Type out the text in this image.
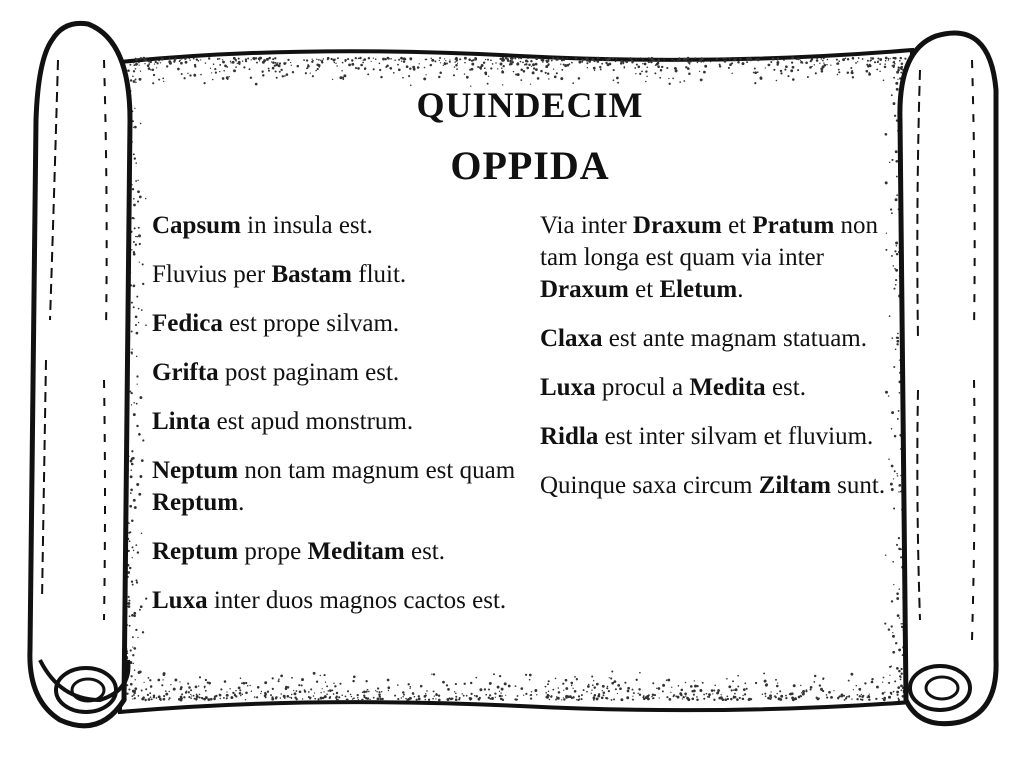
QUINDECIM
OPPIDA

Capsum in insula est.

Fluvius per Bastam fluit.

Fedica est prope silvam.

Grifta post paginam est.

Linta est apud monstrum.

Neptum non tam magnum est quam Reptum.

Reptum prope Meditam est.

Luxa inter duos magnos cactos est.

Via inter Draxum et Pratum non tam longa est quam via inter Draxum et Eletum.

Claxa est ante magnam statuam.

Luxa procul a Medita est.

Ridla est inter silvam et fluvium.

Quinque saxa circum Ziltam sunt.
